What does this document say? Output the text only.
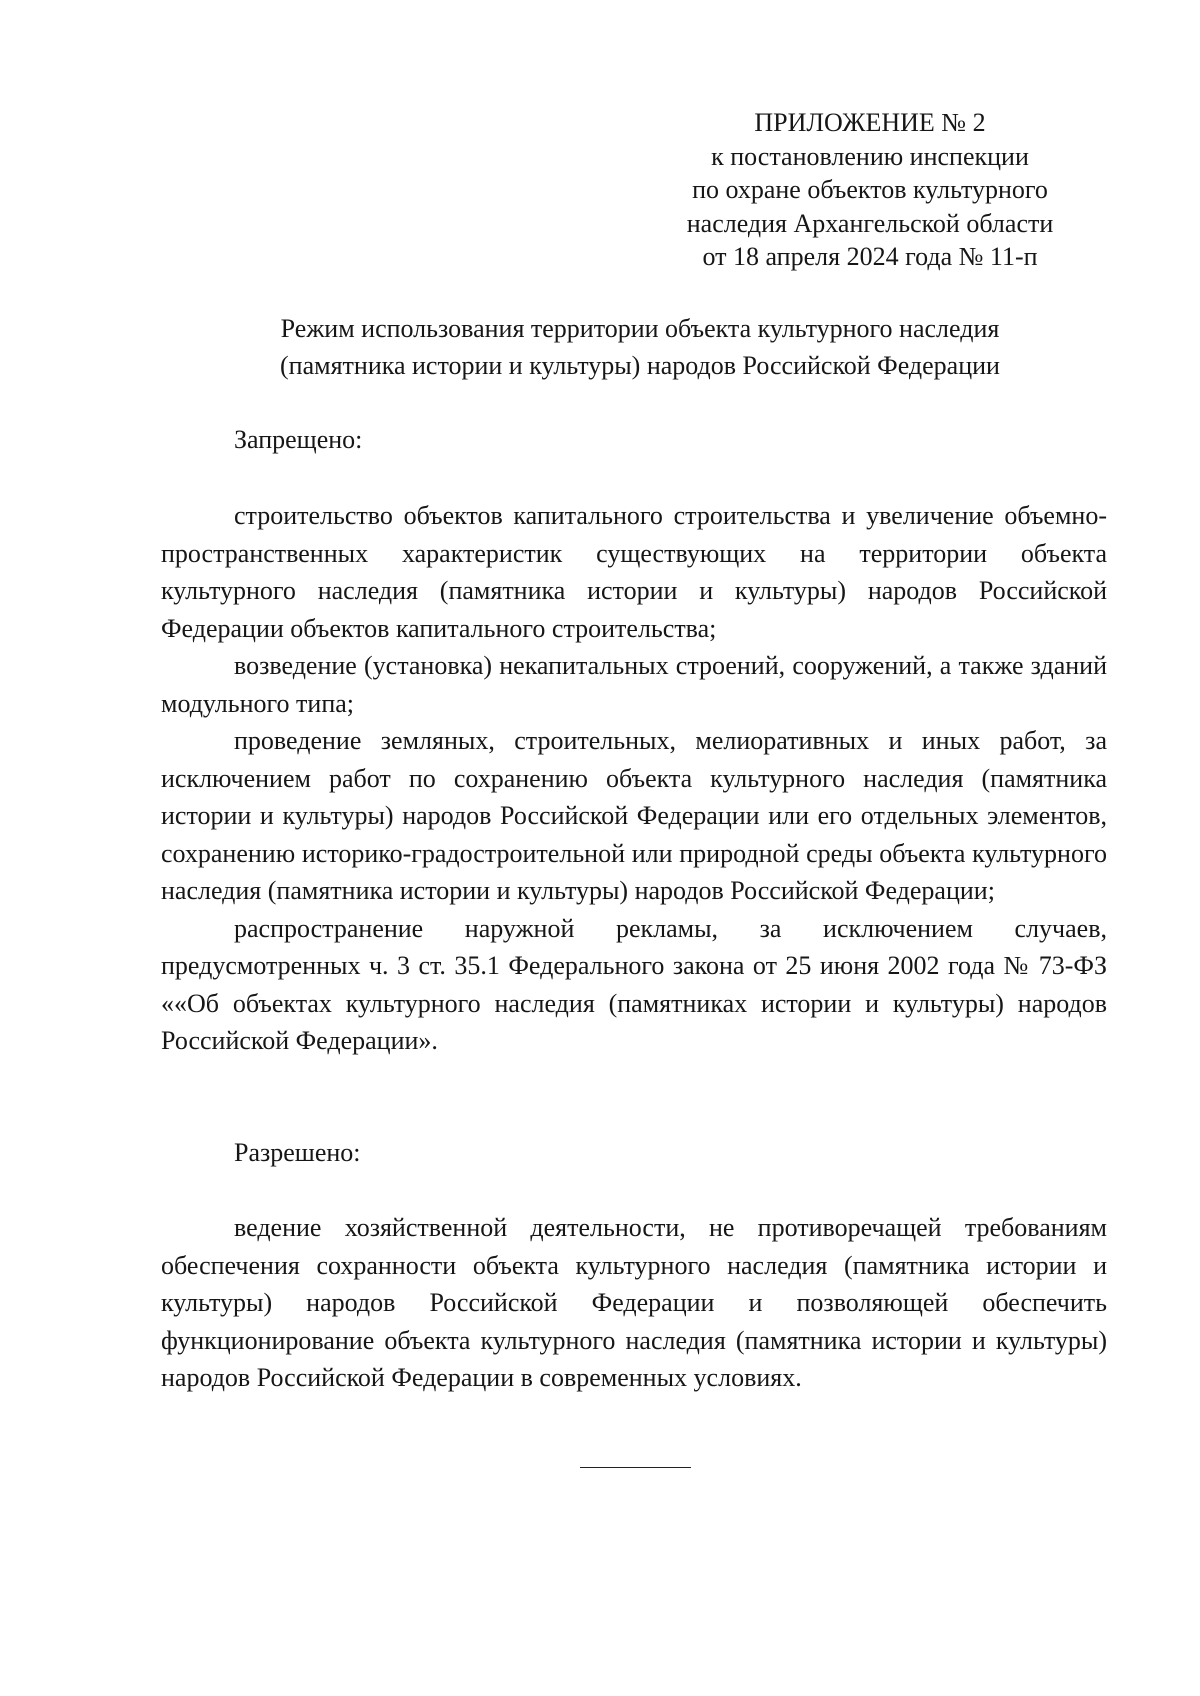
ПРИЛОЖЕНИЕ № 2
к постановлению инспекции
по охране объектов культурного
наследия Архангельской области
от 18 апреля 2024 года № 11-п
Режим использования территории объекта культурного наследия
(памятника истории и культуры) народов Российской Федерации
Запрещено:

строительство объектов капитального строительства и увеличение объемно-пространственных характеристик существующих на территории объекта культурного наследия (памятника истории и культуры) народов Российской Федерации объектов капитального строительства;

возведение (установка) некапитальных строений, сооружений, а также зданий модульного типа;

проведение земляных, строительных, мелиоративных и иных работ, за исключением работ по сохранению объекта культурного наследия (памятника истории и культуры) народов Российской Федерации или его отдельных элементов, сохранению историко-градостроительной или природной среды объекта культурного наследия (памятника истории и культуры) народов Российской Федерации;

распространение наружной рекламы, за исключением случаев, предусмотренных ч. 3 ст. 35.1 Федерального закона от 25 июня 2002 года № 73-ФЗ ««Об объектах культурного наследия (памятниках истории и культуры) народов Российской Федерации».

Разрешено:

ведение хозяйственной деятельности, не противоречащей требованиям обеспечения сохранности объекта культурного наследия (памятника истории и культуры) народов Российской Федерации и позволяющей обеспечить функционирование объекта культурного наследия (памятника истории и культуры) народов Российской Федерации в современных условиях.
